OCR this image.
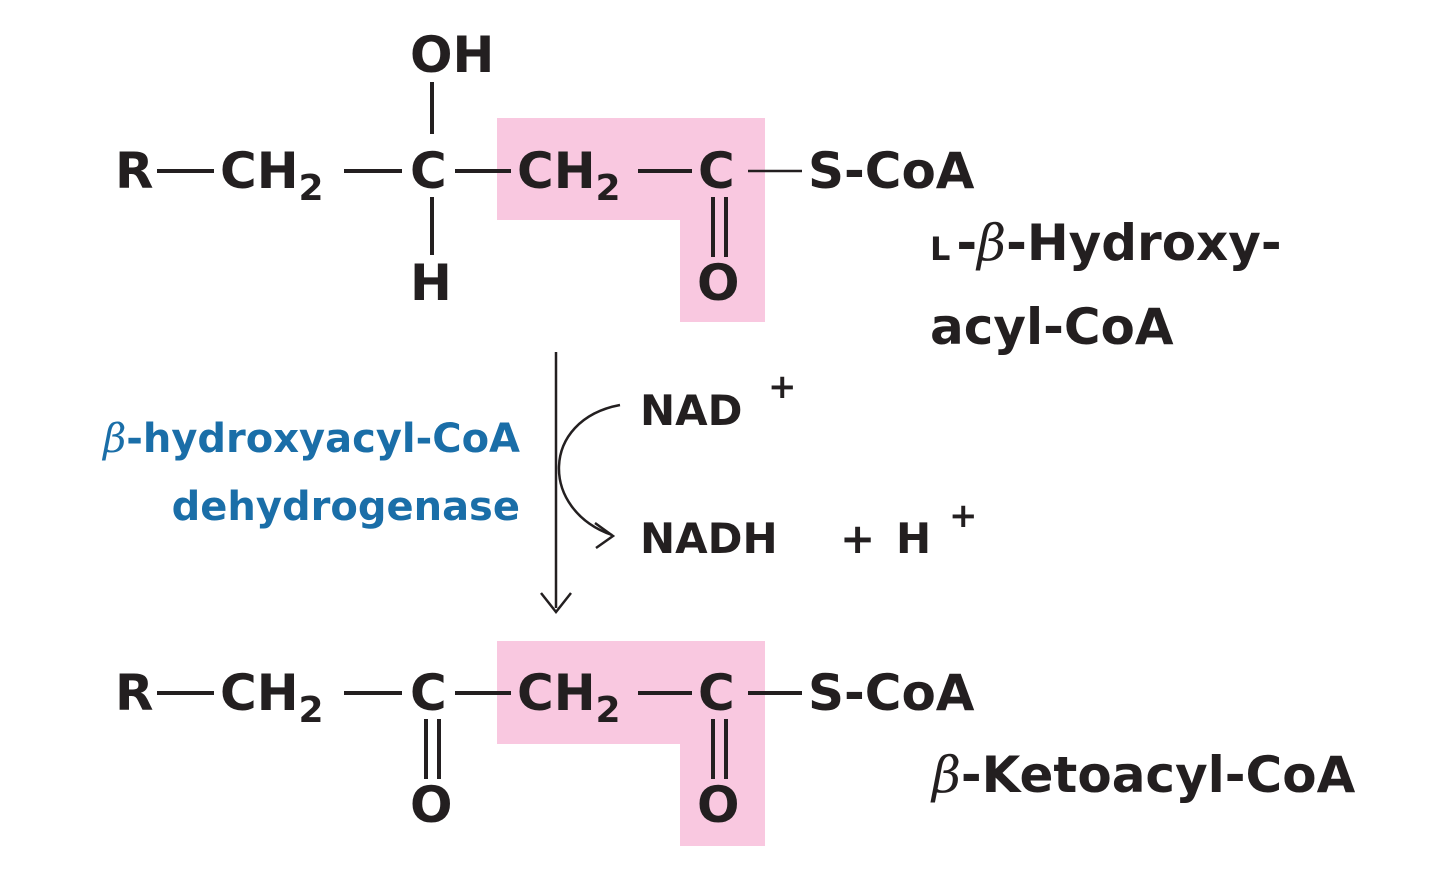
R $CH_2$ C
OH
H
$CH_2$ C
O
S-CoA
L -β-Hydroxy-
acyl-CoA
β-hydroxyacyl-CoA
dehydrogenase
NAD +
NADH + H +
R $CH_2$ C
O
$CH_2$ C
O
S-CoA
β-Ketoacyl-CoA
